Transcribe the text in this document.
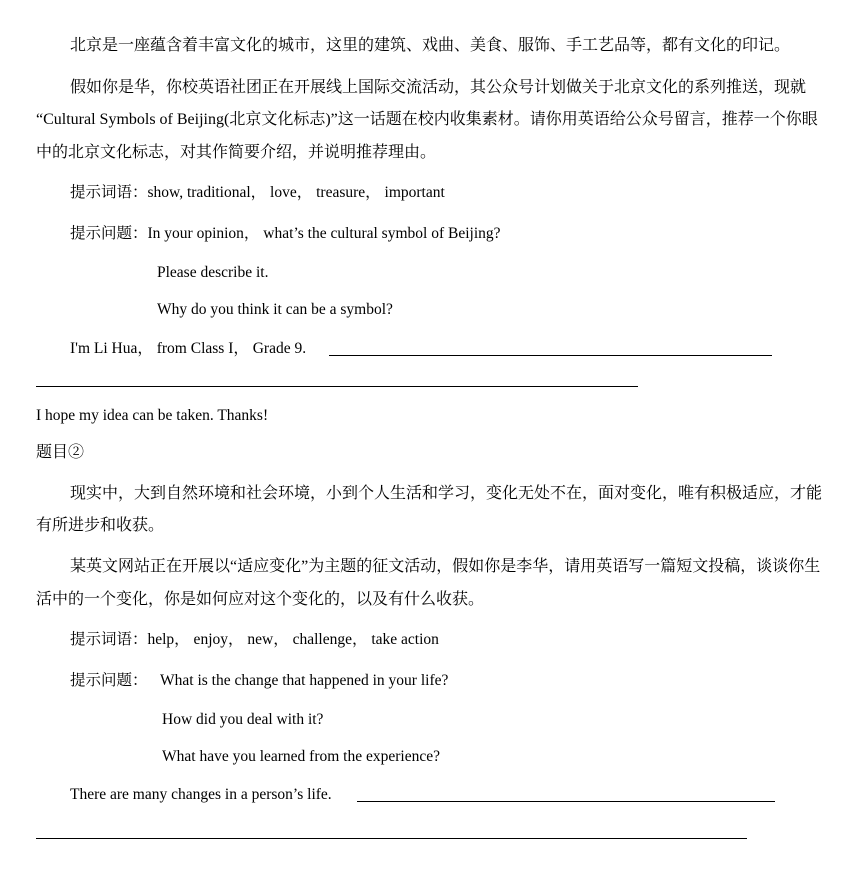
北京是一座蕴含着丰富文化的城市，这里的建筑、戏曲、美食、服饰、手工艺品等，都有文化的印记。
假如你是华，你校英语社团正在开展线上国际交流活动，其公众号计划做关于北京文化的系列推送，现就
“Cultural Symbols of Beijing(北京文化标志)”这一话题在校内收集素材。请你用英语给公众号留言，推荐一个你眼
中的北京文化标志，对其作简要介绍，并说明推荐理由。
提示词语：show, traditional， love， treasure， important
提示问题：In your opinion， what’s the cultural symbol of Beijing?
Please describe it.
Why do you think it can be a symbol?
I'm Li Hua， from Class I， Grade 9.
I hope my idea can be taken. Thanks!
题目②
现实中，大到自然环境和社会环境，小到个人生活和学习，变化无处不在，面对变化，唯有积极适应，才能
有所进步和收获。
某英文网站正在开展以“适应变化”为主题的征文活动，假如你是李华，请用英语写一篇短文投稿，谈谈你生
活中的一个变化，你是如何应对这个变化的，以及有什么收获。
提示词语：help， enjoy， new， challenge， take action
提示问题： What is the change that happened in your life?
How did you deal with it?
What have you learned from the experience?
There are many changes in a person’s life.
